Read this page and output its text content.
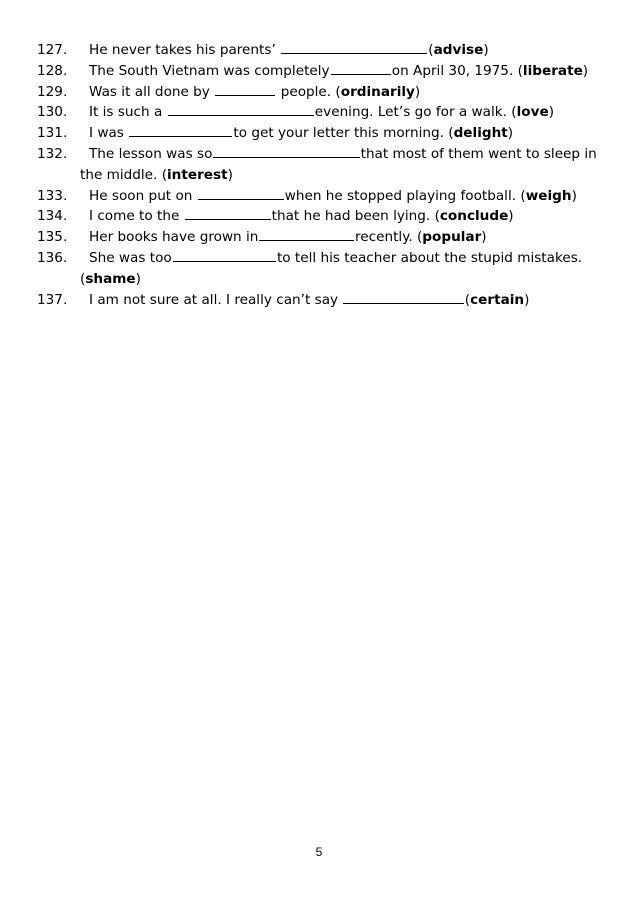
127.	He never takes his parents’	(advise)
128.	The South Vietnam was completely	on April 30, 1975. (liberate)
129.	Was it all done by	people. (ordinarily)
130.	It is such a	evening. Let’s go for a walk. (love)
131.	I was	to get your letter this morning. (delight)
132.	The lesson was so	that most of them went to sleep in
the middle. (interest)
133.	He soon put on	when he stopped playing football. (weigh)
134.	I come to the	that he had been lying. (conclude)
135.	Her books have grown in	recently. (popular)
136.	She was too	to tell his teacher about the stupid mistakes.
(shame)
137.	I am not sure at all. I really can’t say	(certain)
5
